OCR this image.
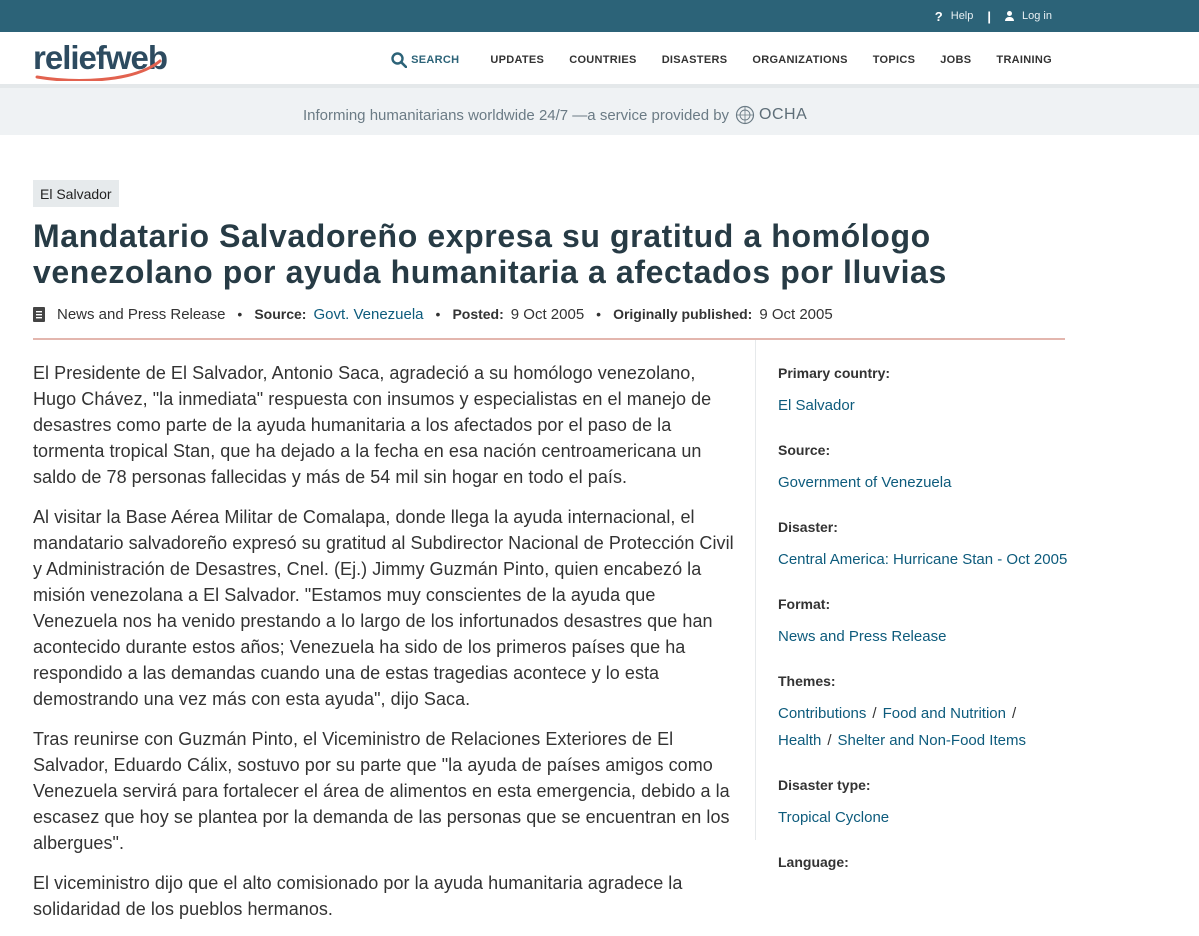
? Help |	Log in
reliefweb	SEARCH	UPDATES COUNTRIES DISASTERS ORGANIZATIONS TOPICS JOBS TRAINING
Informing humanitarians worldwide 24/7 —a service provided by OCHA
El Salvador
Mandatario Salvadoreño expresa su gratitud a homólogo venezolano por ayuda humanitaria a afectados por lluvias
News and Press Release • Source: Govt. Venezuela • Posted: 9 Oct 2005 • Originally published: 9 Oct 2005

El Presidente de El Salvador, Antonio Saca, agradeció a su homólogo venezolano, Hugo Chávez, "la inmediata" respuesta con insumos y especialistas en el manejo de desastres como parte de la ayuda humanitaria a los afectados por el paso de la tormenta tropical Stan, que ha dejado a la fecha en esa nación centroamericana un saldo de 78 personas fallecidas y más de 54 mil sin hogar en todo el país.

Al visitar la Base Aérea Militar de Comalapa, donde llega la ayuda internacional, el mandatario salvadoreño expresó su gratitud al Subdirector Nacional de Protección Civil y Administración de Desastres, Cnel. (Ej.) Jimmy Guzmán Pinto, quien encabezó la misión venezolana a El Salvador. "Estamos muy conscientes de la ayuda que Venezuela nos ha venido prestando a lo largo de los infortunados desastres que han acontecido durante estos años; Venezuela ha sido de los primeros países que ha respondido a las demandas cuando una de estas tragedias acontece y lo esta demostrando una vez más con esta ayuda", dijo Saca.

Tras reunirse con Guzmán Pinto, el Viceministro de Relaciones Exteriores de El Salvador, Eduardo Cálix, sostuvo por su parte que "la ayuda de países amigos como Venezuela servirá para fortalecer el área de alimentos en esta emergencia, debido a la escasez que hoy se plantea por la demanda de las personas que se encuentran en los albergues".

El viceministro dijo que el alto comisionado por la ayuda humanitaria agradece la solidaridad de los pueblos hermanos.

Primary country:
El Salvador
Source:
Government of Venezuela
Disaster:
Central America: Hurricane Stan - Oct 2005
Format:
News and Press Release
Themes:
Contributions / Food and Nutrition /
Health / Shelter and Non-Food Items
Disaster type:
Tropical Cyclone
Language:
